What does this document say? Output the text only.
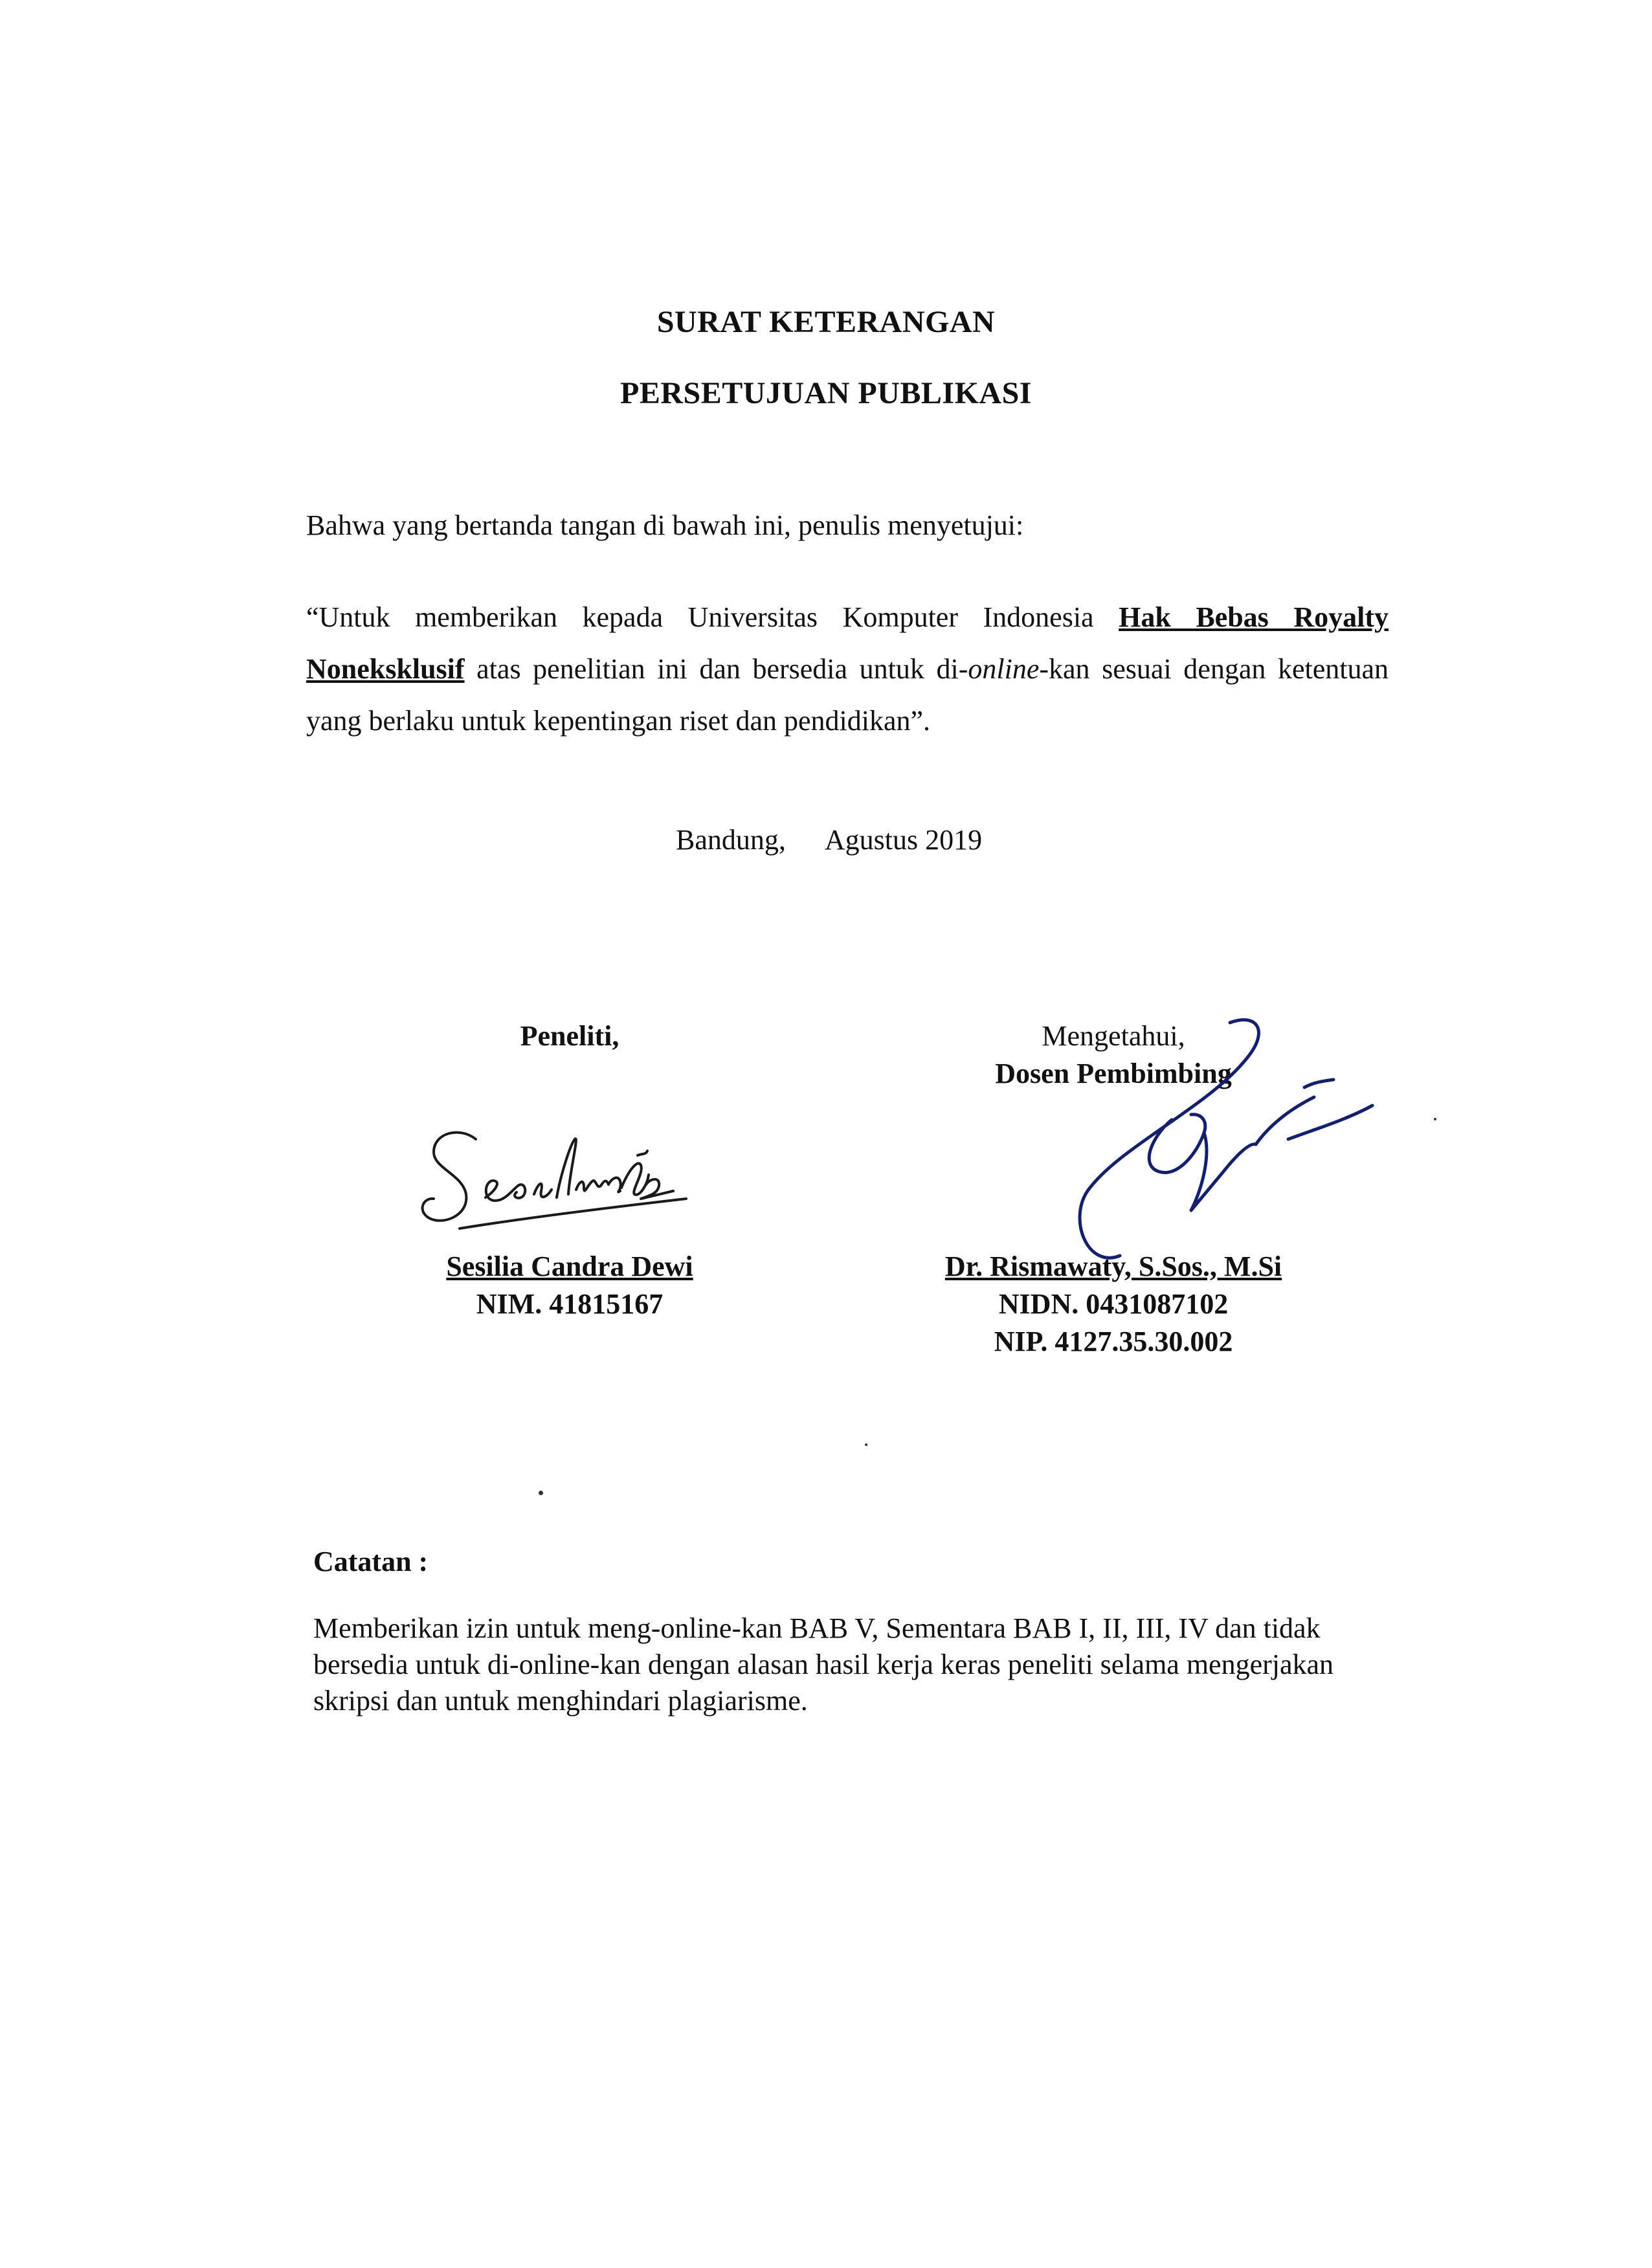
SURAT KETERANGAN
PERSETUJUAN PUBLIKASI
Bahwa yang bertanda tangan di bawah ini, penulis menyetujui:
“Untuk memberikan kepada Universitas Komputer Indonesia Hak Bebas Royalty Noneksklusif atas penelitian ini dan bersedia untuk di-online-kan sesuai dengan ketentuan yang berlaku untuk kepentingan riset dan pendidikan”.
Bandung, Agustus 2019
Peneliti,
Sesilia Candra Dewi
NIM. 41815167
Mengetahui,
Dosen Pembimbing
Dr. Rismawaty, S.Sos., M.Si
NIDN. 0431087102
NIP. 4127.35.30.002
Catatan :
Memberikan izin untuk meng-online-kan BAB V, Sementara BAB I, II, III, IV dan tidak bersedia untuk di-online-kan dengan alasan hasil kerja keras peneliti selama mengerjakan skripsi dan untuk menghindari plagiarisme.
